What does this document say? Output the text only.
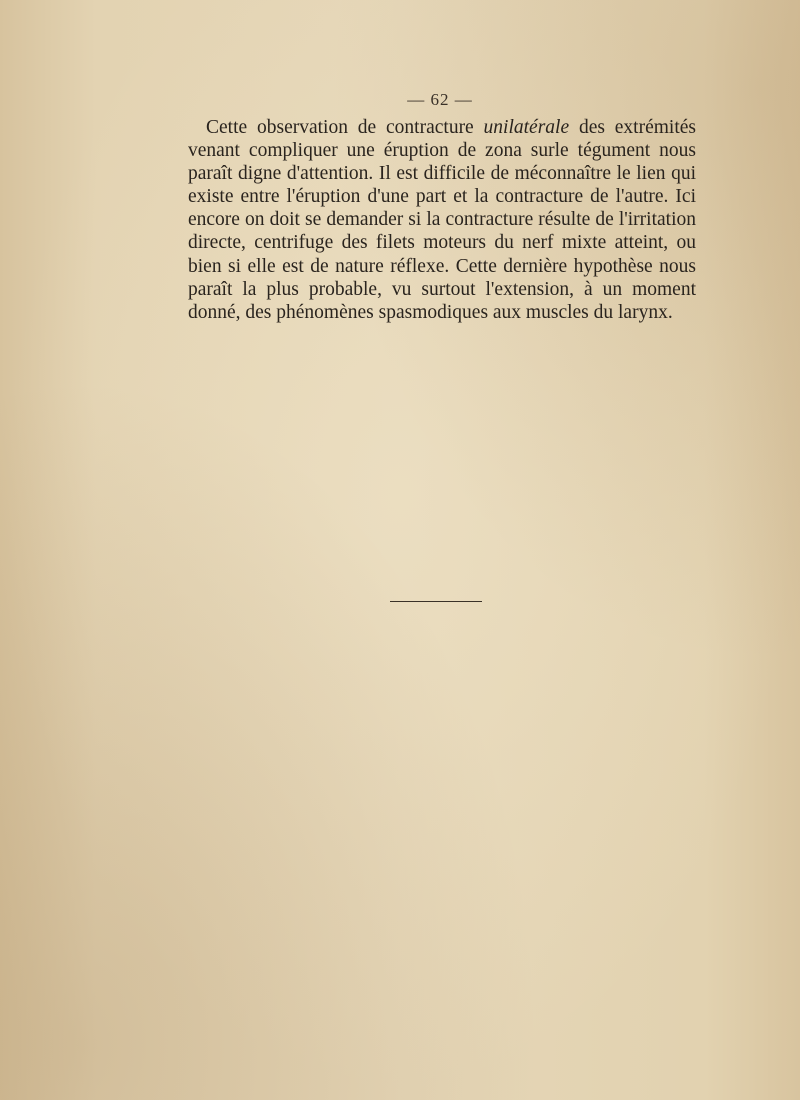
— 62 —

Cette observation de contracture unilatérale des extrémités venant compliquer une éruption de zona surle tégument nous paraît digne d'attention. Il est difficile de méconnaître le lien qui existe entre l'éruption d'une part et la contracture de l'autre. Ici encore on doit se demander si la contracture résulte de l'irritation directe, centrifuge des filets moteurs du nerf mixte atteint, ou bien si elle est de nature réflexe. Cette dernière hypothèse nous paraît la plus probable, vu surtout l'extension, à un moment donné, des phénomènes spasmodiques aux muscles du larynx.
